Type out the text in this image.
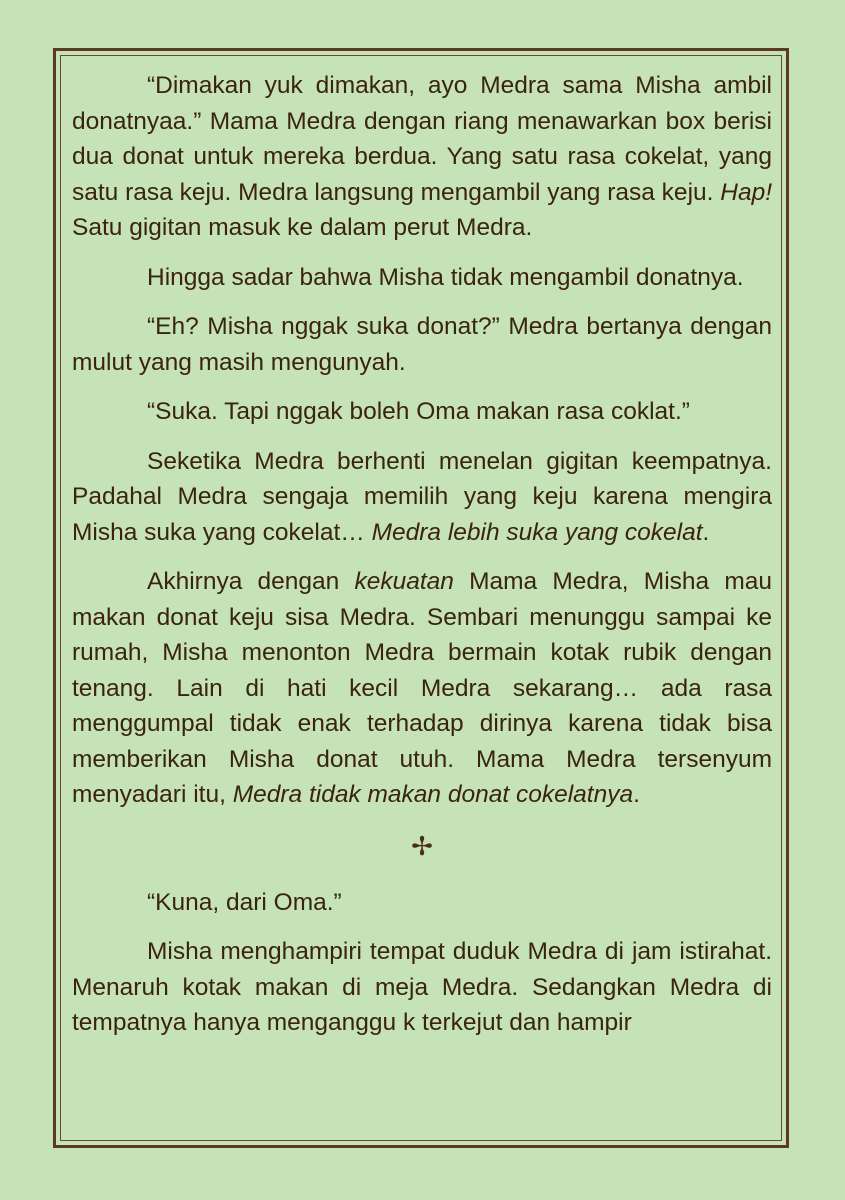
“Dimakan yuk dimakan, ayo Medra sama Misha ambil donatnyaa.” Mama Medra dengan riang menawarkan box berisi dua donat untuk mereka berdua. Yang satu rasa cokelat, yang satu rasa keju. Medra langsung mengambil yang rasa keju. Hap! Satu gigitan masuk ke dalam perut Medra.

Hingga sadar bahwa Misha tidak mengambil donatnya.

“Eh? Misha nggak suka donat?” Medra bertanya dengan mulut yang masih mengunyah.

“Suka. Tapi nggak boleh Oma makan rasa coklat.”

Seketika Medra berhenti menelan gigitan keempatnya. Padahal Medra sengaja memilih yang keju karena mengira Misha suka yang cokelat… Medra lebih suka yang cokelat.

Akhirnya dengan kekuatan Mama Medra, Misha mau makan donat keju sisa Medra. Sembari menunggu sampai ke rumah, Misha menonton Medra bermain kotak rubik dengan tenang. Lain di hati kecil Medra sekarang… ada rasa menggumpal tidak enak terhadap dirinya karena tidak bisa memberikan Misha donat utuh. Mama Medra tersenyum menyadari itu, Medra tidak makan donat cokelatnya.

✢

“Kuna, dari Oma.”

Misha menghampiri tempat duduk Medra di jam istirahat. Menaruh kotak makan di meja Medra. Sedangkan Medra di tempatnya hanya menganggu k terkejut dan hampir
